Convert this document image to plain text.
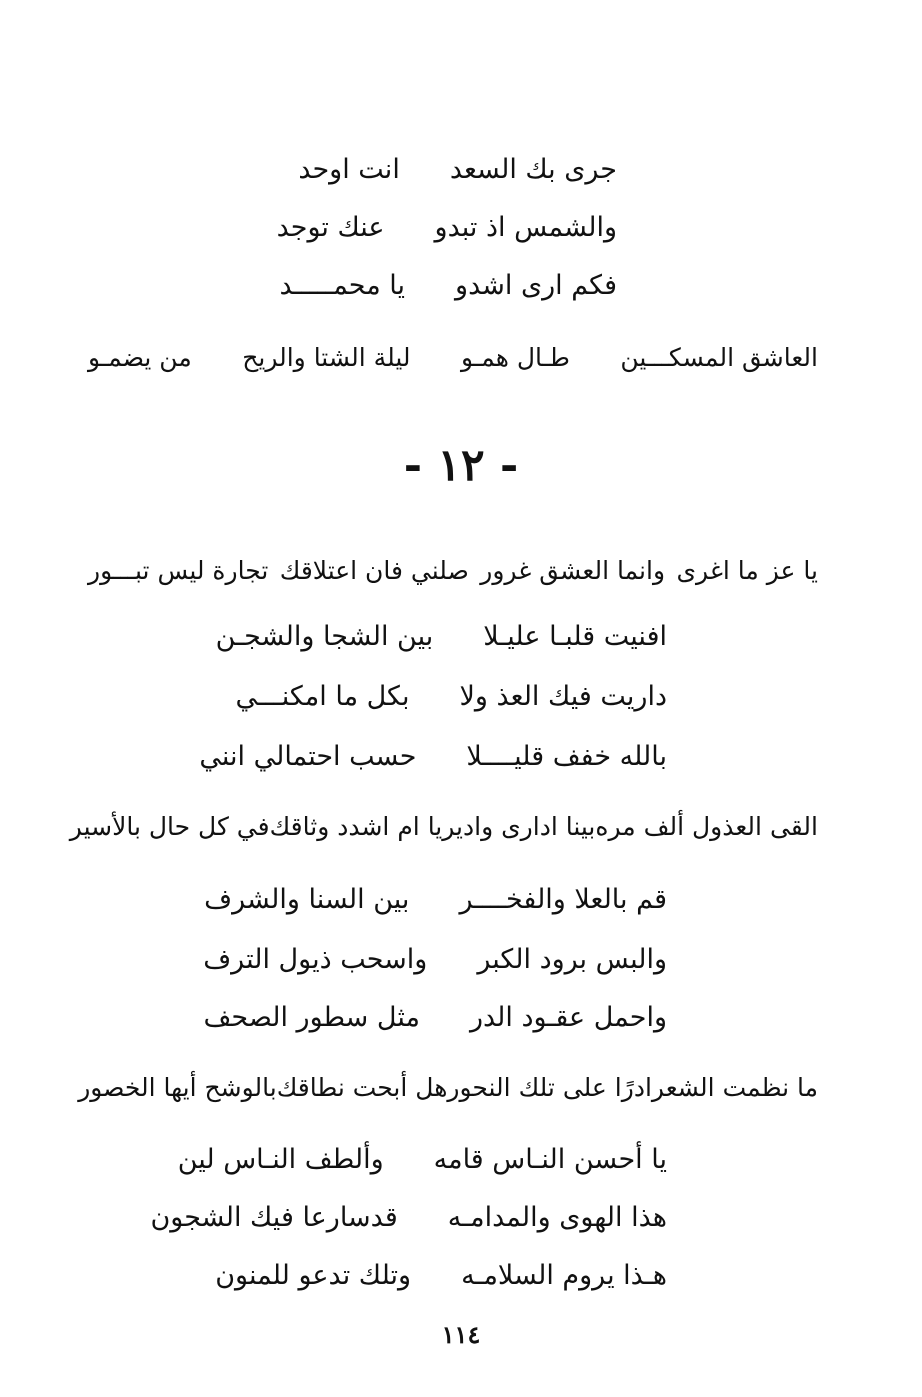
جرى بك السعد
انت اوحد
والشمس اذ تبدو
عنك توجد
فكم ارى اشدو
يا محمـــــد
العاشق المسكـــين
طـال همـو
ليلة الشتا والريح
من يضمـو
- ١٢ -
يا عز ما اغرى
وانما العشق غرور
صلني فان اعتلاقك
تجارة ليس تبـــور
افنيت قلبـا عليـلا
بين الشجا والشجـن
داريت فيك العذ ولا
بكل ما امكنـــي
بالله خفف قليــــلا
حسب احتمالي انني
القى العذول ألف مره
بينا ادارى وادير
يا ام اشدد وثاقك
في كل حال بالأسير
قم بالعلا والفخــــر
بين السنا والشرف
والبس برود الكبر
واسحب ذيول الترف
واحمل عقـود الدر
مثل سطور الصحف
ما نظمت الشعرا
درًا على تلك النحور
هل أبحت نطاقك
بالوشح أيها الخصور
يا أحسن النـاس قامه
وألطف النـاس لين
هذا الهوى والمدامـه
قدسارعا فيك الشجون
هـذا يروم السلامـه
وتلك تدعو للمنون
١١٤
